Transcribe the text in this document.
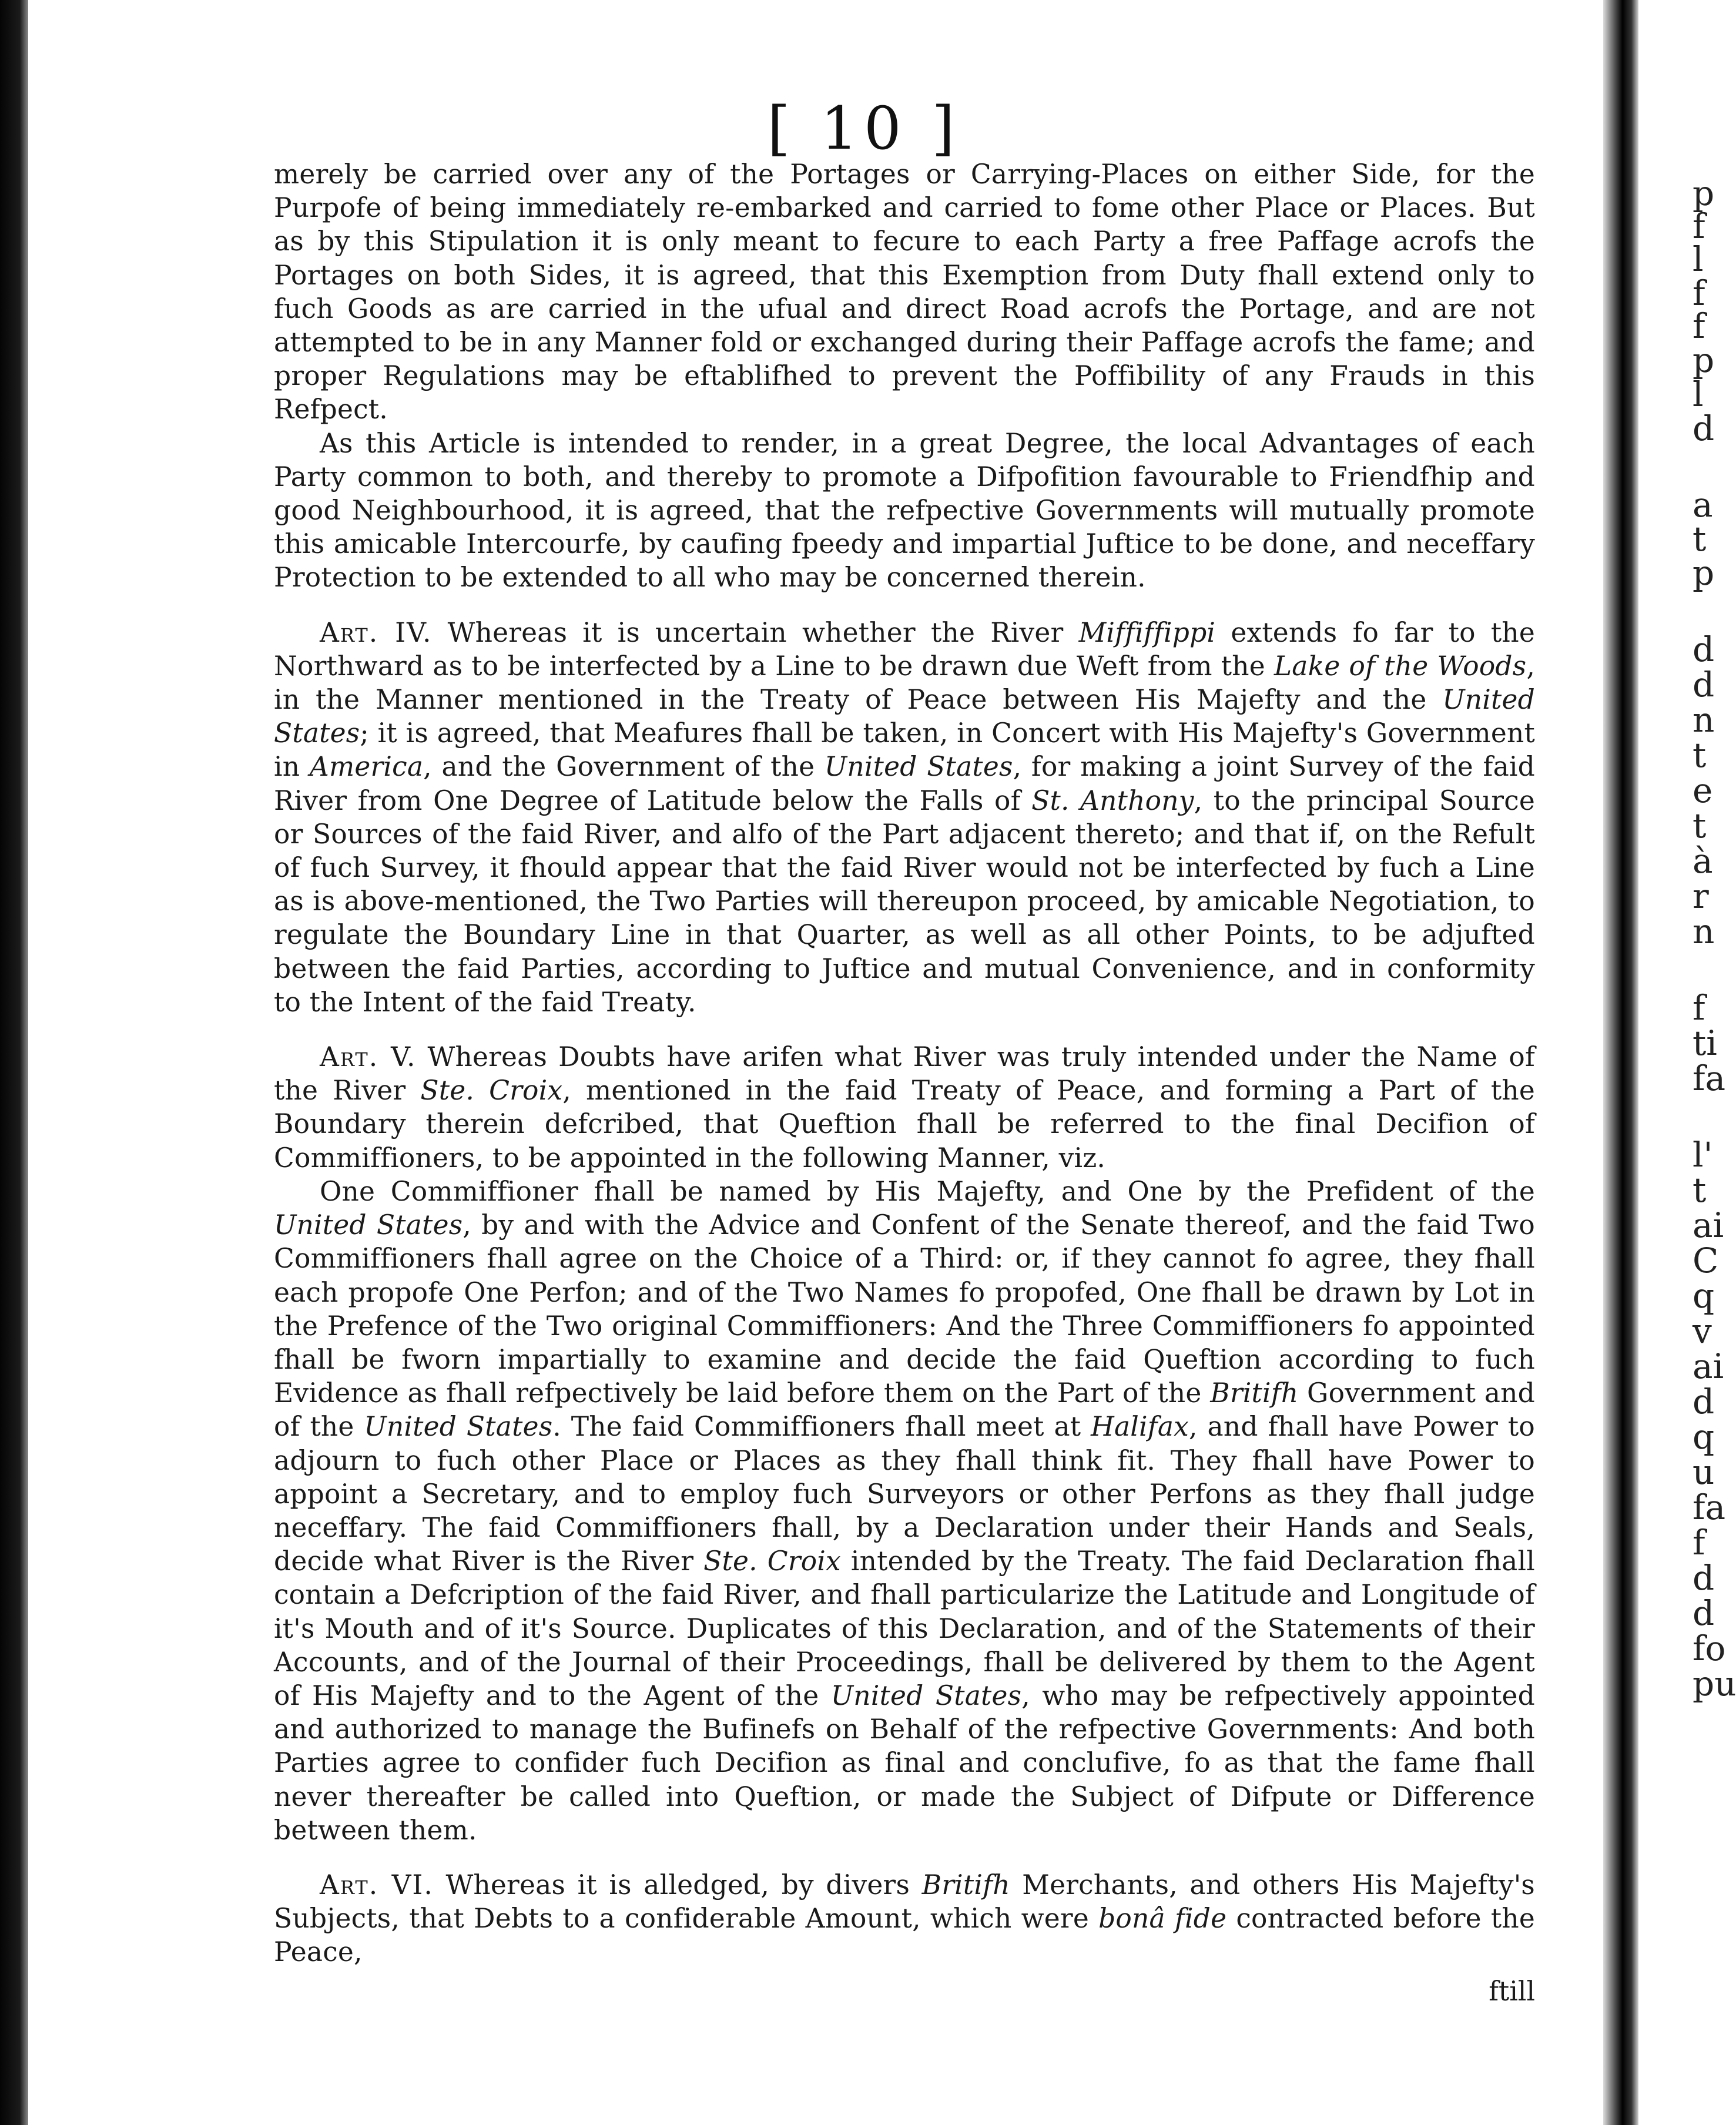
p
f
l
f
f
p
l
d
a
t
p
d
d
n
t
e
t
à
r
n
f
ti
fa
l'
t
ai
C
q
v
ai
d
q
u
fa
f
d
d
fo
pu
[ 10 ]

merely be carried over any of the Portages or Carrying-Places on either Side, for the Purpofe of being immediately re-embarked and carried to fome other Place or Places. But as by this Stipulation it is only meant to fecure to each Party a free Paffage acrofs the Portages on both Sides, it is agreed, that this Exemption from Duty fhall extend only to fuch Goods as are carried in the ufual and direct Road acrofs the Portage, and are not attempted to be in any Manner fold or exchanged during their Paffage acrofs the fame; and proper Regulations may be eftablifhed to prevent the Poffibility of any Frauds in this Refpect.

As this Article is intended to render, in a great Degree, the local Advantages of each Party common to both, and thereby to promote a Difpofition favourable to Friendfhip and good Neighbourhood, it is agreed, that the refpective Governments will mutually promote this amicable Intercourfe, by caufing fpeedy and impartial Juftice to be done, and neceffary Protection to be extended to all who may be concerned therein.

Art. IV. Whereas it is uncertain whether the River Miffiffippi extends fo far to the Northward as to be interfected by a Line to be drawn due Weft from the Lake of the Woods, in the Manner mentioned in the Treaty of Peace between His Majefty and the United States; it is agreed, that Meafures fhall be taken, in Concert with His Majefty's Government in America, and the Government of the United States, for making a joint Survey of the faid River from One Degree of Latitude below the Falls of St. Anthony, to the principal Source or Sources of the faid River, and alfo of the Part adjacent thereto; and that if, on the Refult of fuch Survey, it fhould appear that the faid River would not be interfected by fuch a Line as is above-mentioned, the Two Parties will thereupon proceed, by amicable Negotiation, to regulate the Boundary Line in that Quarter, as well as all other Points, to be adjufted between the faid Parties, according to Juftice and mutual Convenience, and in conformity to the Intent of the faid Treaty.

Art. V. Whereas Doubts have arifen what River was truly intended under the Name of the River Ste. Croix, mentioned in the faid Treaty of Peace, and forming a Part of the Boundary therein defcribed, that Queftion fhall be referred to the final Decifion of Commiffioners, to be appointed in the following Manner, viz.

One Commiffioner fhall be named by His Majefty, and One by the Prefident of the United States, by and with the Advice and Confent of the Senate thereof, and the faid Two Commiffioners fhall agree on the Choice of a Third: or, if they cannot fo agree, they fhall each propofe One Perfon; and of the Two Names fo propofed, One fhall be drawn by Lot in the Prefence of the Two original Commiffioners: And the Three Commiffioners fo appointed fhall be fworn impartially to examine and decide the faid Queftion according to fuch Evidence as fhall refpectively be laid before them on the Part of the Britifh Government and of the United States. The faid Commiffioners fhall meet at Halifax, and fhall have Power to adjourn to fuch other Place or Places as they fhall think fit. They fhall have Power to appoint a Secretary, and to employ fuch Surveyors or other Perfons as they fhall judge neceffary. The faid Commiffioners fhall, by a Declaration under their Hands and Seals, decide what River is the River Ste. Croix intended by the Treaty. The faid Declaration fhall contain a Defcription of the faid River, and fhall particularize the Latitude and Longitude of it's Mouth and of it's Source. Duplicates of this Declaration, and of the Statements of their Accounts, and of the Journal of their Proceedings, fhall be delivered by them to the Agent of His Majefty and to the Agent of the United States, who may be refpectively appointed and authorized to manage the Bufinefs on Behalf of the refpective Governments: And both Parties agree to confider fuch Decifion as final and conclufive, fo as that the fame fhall never thereafter be called into Queftion, or made the Subject of Difpute or Difference between them.

Art. VI. Whereas it is alledged, by divers Britifh Merchants, and others His Majefty's Subjects, that Debts to a confiderable Amount, which were bonâ fide contracted before the Peace,

ftill
